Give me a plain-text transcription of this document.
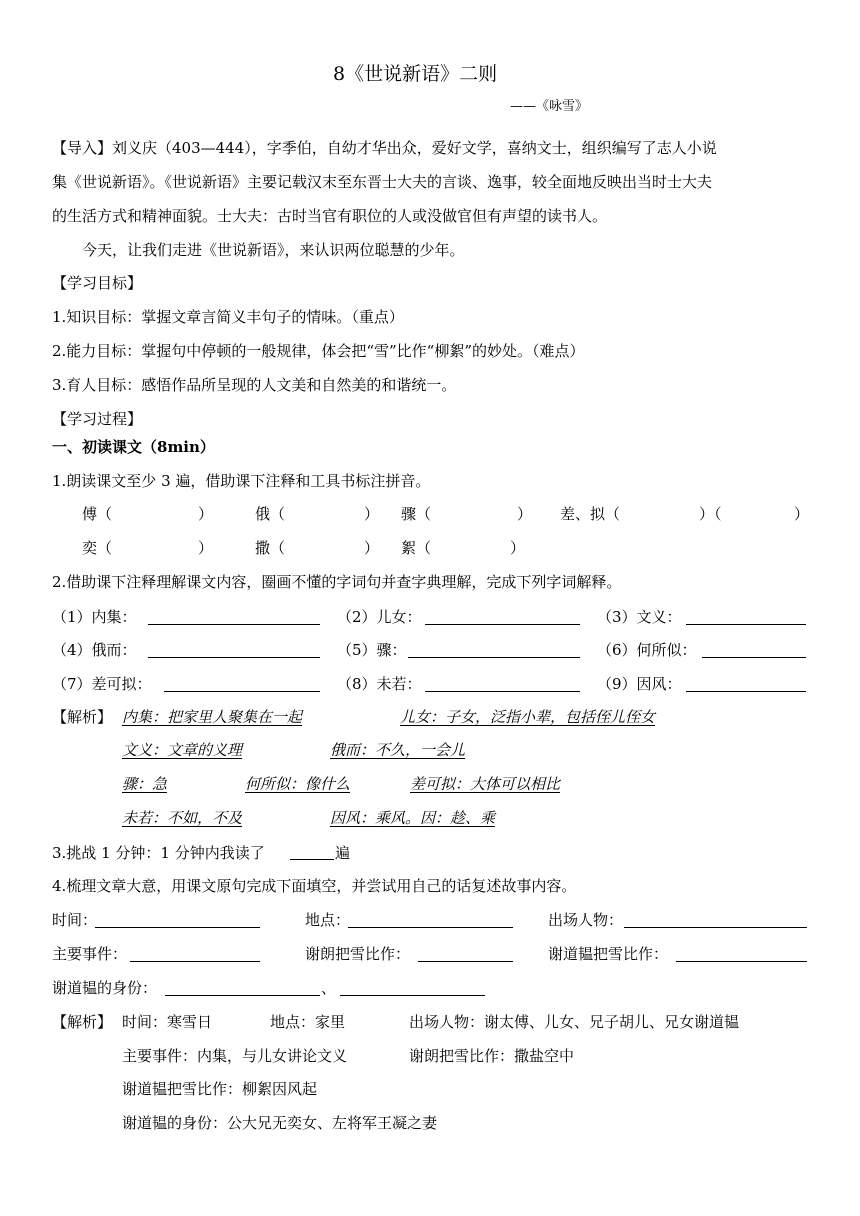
8《世说新语》二则
——《咏雪》
【导入】刘义庆（403—444），字季伯，自幼才华出众，爱好文学，喜纳文士，组织编写了志人小说
集《世说新语》。《世说新语》主要记载汉末至东晋士大夫的言谈、逸事，较全面地反映出当时士大夫
的生活方式和精神面貌。士大夫：古时当官有职位的人或没做官但有声望的读书人。
今天，让我们走进《世说新语》，来认识两位聪慧的少年。
【学习目标】
1.知识目标：掌握文章言简义丰句子的情味。（重点）
2.能力目标：掌握句中停顿的一般规律，体会把“雪”比作“柳絮”的妙处。（难点）
3.育人目标：感悟作品所呈现的人文美和自然美的和谐统一。
【学习过程】
一、初读课文（8min）
1.朗读课文至少 3 遍，借助课下注释和工具书标注拼音。
傅（	）	俄（	） 骤（	） 差、拟（	）（	）
奕（	）	撒（	） 絮（	）
2.借助课下注释理解课文内容，圈画不懂的字词句并查字典理解，完成下列字词解释。
（1）内集：	（2）儿女：	（3）文义：
（4）俄而：	（5）骤：	（6）何所似：
（7）差可拟：	（8）未若：	（9）因风：
【解析】 内集：把家里人聚集在一起	儿女：子女，泛指小辈，包括侄儿侄女
文义：文章的义理	俄而：不久，一会儿
骤：急	何所似：像什么	差可拟：大体可以相比
未若：不如，不及	因风：乘风。因：趁、乘
3.挑战 1 分钟：1 分钟内我读了	遍
4.梳理文章大意，用课文原句完成下面填空，并尝试用自己的话复述故事内容。
时间：	地点：	出场人物：
主要事件：	谢朗把雪比作：	谢道韫把雪比作：
谢道韫的身份：	、
【解析】 时间：寒雪日	地点：家里	出场人物：谢太傅、儿女、兄子胡儿、兄女谢道韫
主要事件：内集，与儿女讲论文义	谢朗把雪比作：撒盐空中
谢道韫把雪比作：柳絮因风起
谢道韫的身份：公大兄无奕女、左将军王凝之妻
